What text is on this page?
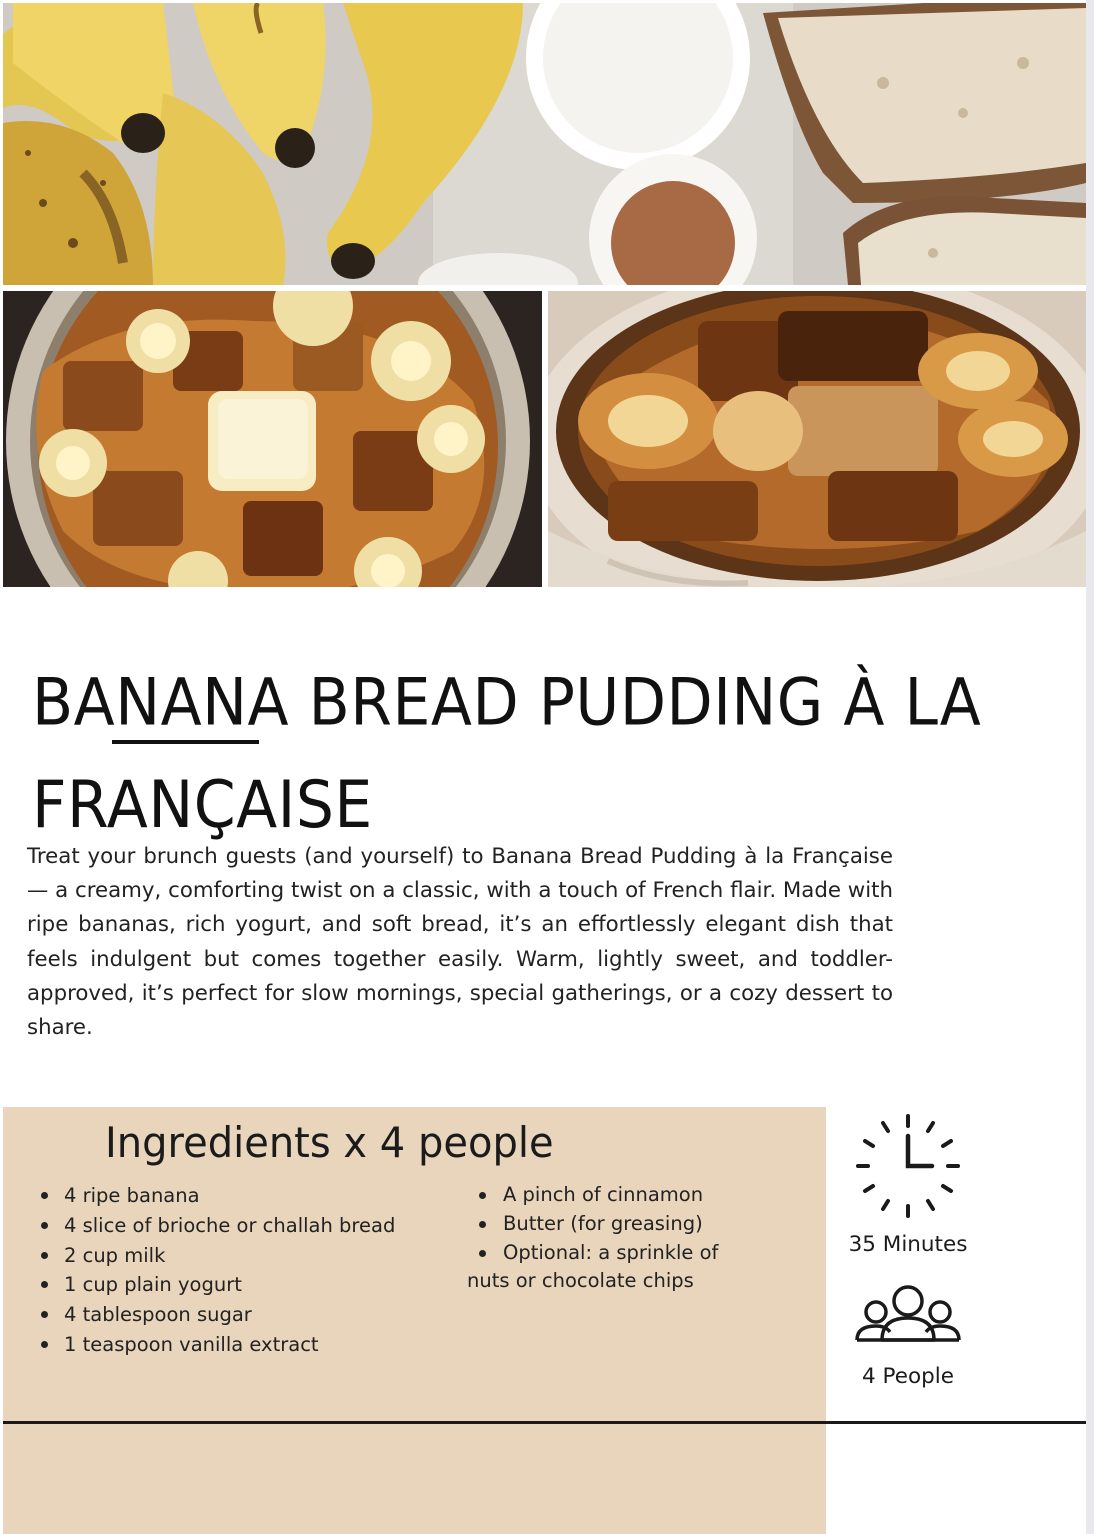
BANANA BREAD PUDDING À LA FRANÇAISE

Treat your brunch guests (and yourself) to Banana Bread Pudding à la Française — a creamy, comforting twist on a classic, with a touch of French flair. Made with ripe bananas, rich yogurt, and soft bread, it’s an effortlessly elegant dish that feels indulgent but comes together easily. Warm, lightly sweet, and toddler-approved, it’s perfect for slow mornings, special gatherings, or a cozy dessert to share.

Ingredients x 4 people
4 ripe banana
4 slice of brioche or challah bread
2 cup milk
1 cup plain yogurt
4 tablespoon sugar
1 teaspoon vanilla extract
A pinch of cinnamon
Butter (for greasing)
Optional: a sprinkle of nuts or chocolate chips
35 Minutes
4 People
